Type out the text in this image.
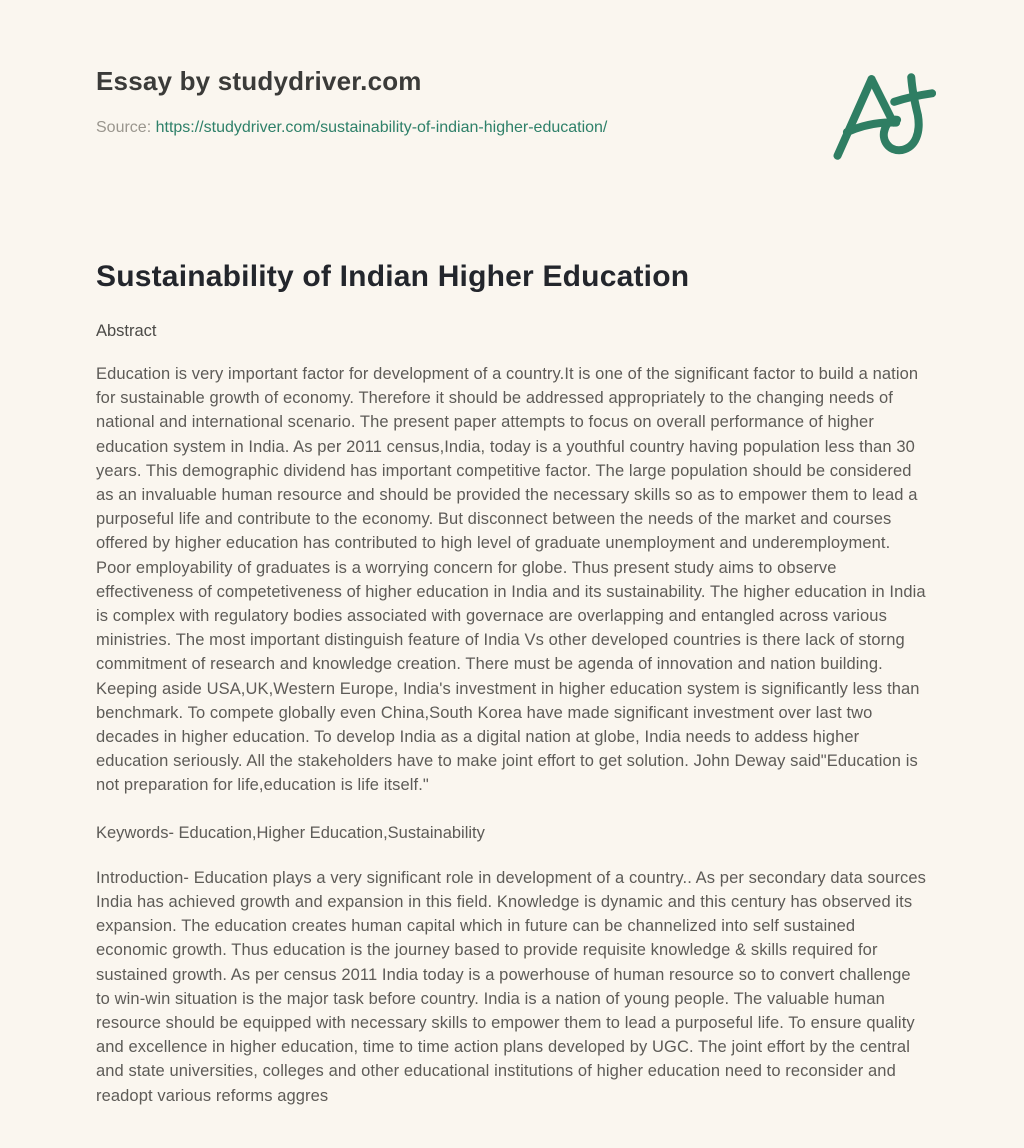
Essay by studydriver.com
Source: https://studydriver.com/sustainability-of-indian-higher-education/
Sustainability of Indian Higher Education
Abstract

Education is very important factor for development of a country.It is one of the significant factor to build a nation for sustainable growth of economy. Therefore it should be addressed appropriately to the changing needs of national and international scenario. The present paper attempts to focus on overall performance of higher education system in India. As per 2011 census,India, today is a youthful country having population less than 30 years. This demographic dividend has important competitive factor. The large population should be considered as an invaluable human resource and should be provided the necessary skills so as to empower them to lead a purposeful life and contribute to the economy. But disconnect between the needs of the market and courses offered by higher education has contributed to high level of graduate unemployment and underemployment. Poor employability of graduates is a worrying concern for globe. Thus present study aims to observe effectiveness of competetiveness of higher education in India and its sustainability. The higher education in India is complex with regulatory bodies associated with governace are overlapping and entangled across various ministries. The most important distinguish feature of India Vs other developed countries is there lack of storng commitment of research and knowledge creation. There must be agenda of innovation and nation building. Keeping aside USA,UK,Western Europe, India's investment in higher education system is significantly less than benchmark. To compete globally even China,South Korea have made significant investment over last two decades in higher education. To develop India as a digital nation at globe, India needs to addess higher education seriously. All the stakeholders have to make joint effort to get solution. John Deway said"Education is not preparation for life,education is life itself."

Keywords- Education,Higher Education,Sustainability

Introduction- Education plays a very significant role in development of a country.. As per secondary data sources India has achieved growth and expansion in this field. Knowledge is dynamic and this century has observed its expansion. The education creates human capital which in future can be channelized into self sustained economic growth. Thus education is the journey based to provide requisite knowledge & skills required for sustained growth. As per census 2011 India today is a powerhouse of human resource so to convert challenge to win-win situation is the major task before country. India is a nation of young people. The valuable human resource should be equipped with necessary skills to empower them to lead a purposeful life. To ensure quality and excellence in higher education, time to time action plans developed by UGC. The joint effort by the central and state universities, colleges and other educational institutions of higher education need to reconsider and readopt various reforms aggres
